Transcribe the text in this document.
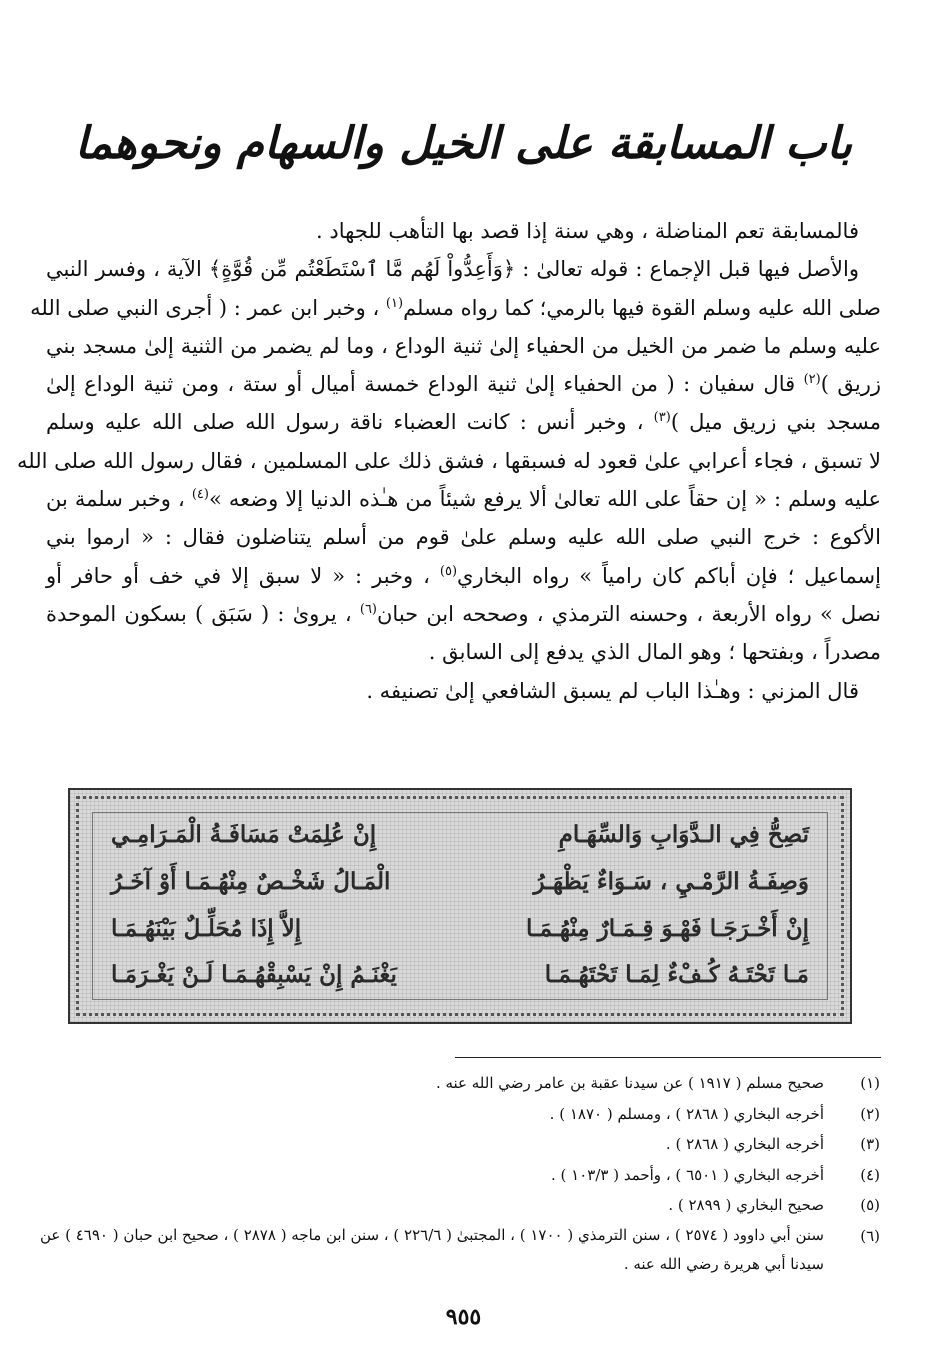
باب المسابقة على الخيل والسهام ونحوهما
فالمسابقة تعم المناضلة ، وهي سنة إذا قصد بها التأهب للجهاد .
والأصل فيها قبل الإجماع : قوله تعالىٰ : ﴿وَأَعِدُّواْ لَهُم مَّا ٱسْتَطَعْتُم مِّن قُوَّةٍ﴾ الآية ، وفسر النبي
صلى الله عليه وسلم القوة فيها بالرمي؛ كما رواه مسلم$^{(١)}$ ، وخبر ابن عمر : ( أجرى النبي صلى الله
عليه وسلم ما ضمر من الخيل من الحفياء إلىٰ ثنية الوداع ، وما لم يضمر من الثنية إلىٰ مسجد بني
زريق )$^{(٢)}$ قال سفيان : ( من الحفياء إلىٰ ثنية الوداع خمسة أميال أو ستة ، ومن ثنية الوداع إلىٰ
مسجد بني زريق ميل )$^{(٣)}$ ، وخبر أنس : كانت العضباء ناقة رسول الله صلى الله عليه وسلم
لا تسبق ، فجاء أعرابي علىٰ قعود له فسبقها ، فشق ذلك على المسلمين ، فقال رسول الله صلى الله
عليه وسلم : « إن حقاً على الله تعالىٰ ألا يرفع شيئاً من هـٰذه الدنيا إلا وضعه »$^{(٤)}$ ، وخبر سلمة بن
الأكوع : خرج النبي صلى الله عليه وسلم علىٰ قوم من أسلم يتناضلون فقال : « ارموا بني
إسماعيل ؛ فإن أباكم كان رامياً » رواه البخاري$^{(٥)}$ ، وخبر : « لا سبق إلا في خف أو حافر أو
نصل » رواه الأربعة ، وحسنه الترمذي ، وصححه ابن حبان$^{(٦)}$ ، يروىٰ : ( سَبَق ) بسكون الموحدة
مصدراً ، وبفتحها ؛ وهو المال الذي يدفع إلى السابق .
قال المزني : وهـٰذا الباب لم يسبق الشافعي إلىٰ تصنيفه .
تَصِحُّ فِي الـدَّوَابِ وَالسِّهَـامِ
إِنْ عُلِمَتْ مَسَافَـةُ الْمَـرَامِـي
وَصِفَـةُ الرَّمْـيِ ، سَـوَاءٌ يَظْهَـرُ
الْمَـالُ شَخْـصٌ مِنْهُـمَـا أَوْ آخَـرُ
إِنْ أَخْـرَجَـا فَهْـوَ قِـمَـارٌ مِنْهُـمَـا
إِلاَّ إِذَا مُحَلِّـلٌ بَيْنَهُـمَـا
مَـا تَحْتَـهُ كُـفْءٌ لِمَـا تَحْتَهُـمَـا
يَغْنَـمُ إِنْ يَسْبِقْهُـمَـا لَـنْ يَغْـرَمَـا
(١)
صحيح مسلم ( ١٩١٧ ) عن سيدنا عقبة بن عامر رضي الله عنه .
(٢)
أخرجه البخاري ( ٢٨٦٨ ) ، ومسلم ( ١٨٧٠ ) .
(٣)
أخرجه البخاري ( ٢٨٦٨ ) .
(٤)
أخرجه البخاري ( ٦٥٠١ ) ، وأحمد ( ١٠٣/٣ ) .
(٥)
صحيح البخاري ( ٢٨٩٩ ) .
(٦)
سنن أبي داوود ( ٢٥٧٤ ) ، سنن الترمذي ( ١٧٠٠ ) ، المجتبىٰ ( ٢٢٦/٦ ) ، سنن ابن ماجه ( ٢٨٧٨ ) ، صحيح ابن حبان ( ٤٦٩٠ ) عن سيدنا أبي هريرة رضي الله عنه .
٩٥٥
